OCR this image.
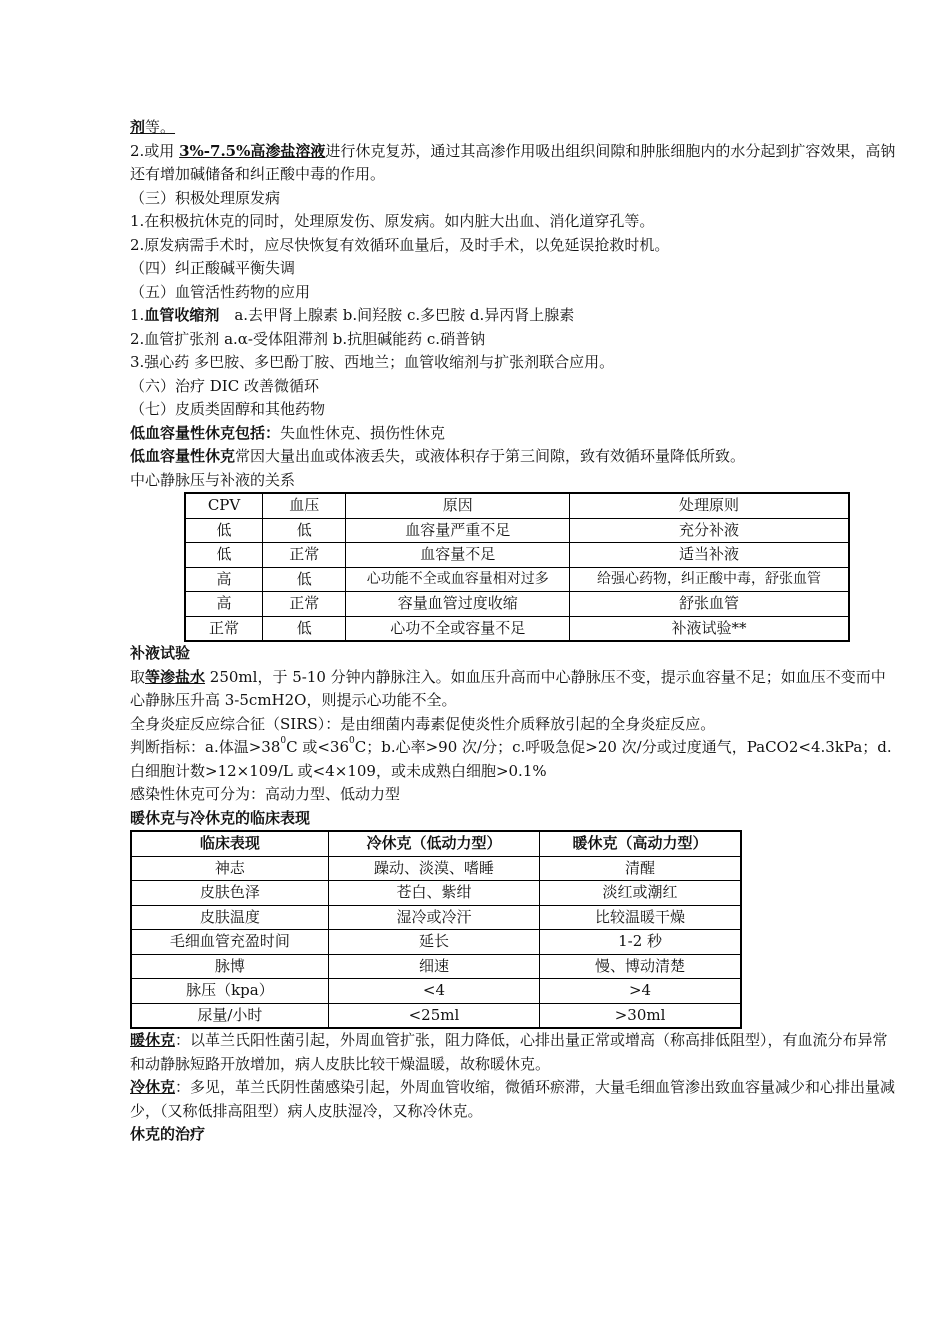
剂等。
2.或用 3%-7.5%高渗盐溶液进行休克复苏，通过其高渗作用吸出组织间隙和肿胀细胞内的水分起到扩容效果，高钠还有增加碱储备和纠正酸中毒的作用。
（三）积极处理原发病
1.在积极抗休克的同时，处理原发伤、原发病。如内脏大出血、消化道穿孔等。
2.原发病需手术时，应尽快恢复有效循环血量后，及时手术，以免延误抢救时机。
（四）纠正酸碱平衡失调
（五）血管活性药物的应用
1.血管收缩剂　a.去甲肾上腺素 b.间羟胺 c.多巴胺 d.异丙肾上腺素
2.血管扩张剂 a.α-受体阻滞剂 b.抗胆碱能药 c.硝普钠
3.强心药 多巴胺、多巴酚丁胺、西地兰；血管收缩剂与扩张剂联合应用。
（六）治疗 DIC 改善微循环
（七）皮质类固醇和其他药物
低血容量性休克包括：失血性休克、损伤性休克
低血容量性休克常因大量出血或体液丢失，或液体积存于第三间隙，致有效循环量降低所致。
中心静脉压与补液的关系
CPV	血压	原因	处理原则
低	低	血容量严重不足	充分补液
低	正常	血容量不足	适当补液
高	低	心功能不全或血容量相对过多	给强心药物，纠正酸中毒，舒张血管
高	正常	容量血管过度收缩	舒张血管
正常	低	心功不全或容量不足	补液试验**
补液试验
取等渗盐水 250ml，于 5-10 分钟内静脉注入。如血压升高而中心静脉压不变，提示血容量不足；如血压不变而中心静脉压升高 3-5cmH2O，则提示心功能不全。
全身炎症反应综合征（SIRS）：是由细菌内毒素促使炎性介质释放引起的全身炎症反应。
判断指标：a.体温$>38^0C$ 或$<36^0C$；b.心率>90 次/分；c.呼吸急促>20 次/分或过度通气，PaCO2<4.3kPa；d.白细胞计数>12×109/L 或<4×109，或未成熟白细胞>0.1%
感染性休克可分为：高动力型、低动力型
暖休克与冷休克的临床表现
临床表现	冷休克（低动力型）	暖休克（高动力型）
神志	躁动、淡漠、嗜睡	清醒
皮肤色泽	苍白、紫绀	淡红或潮红
皮肤温度	湿冷或冷汗	比较温暖干燥
毛细血管充盈时间	延长	1-2 秒
脉博	细速	慢、博动清楚
脉压（kpa）	<4	>4
尿量/小时	<25ml	>30ml
暖休克：以革兰氏阳性菌引起，外周血管扩张，阻力降低，心排出量正常或增高（称高排低阻型），有血流分布异常和动静脉短路开放增加，病人皮肤比较干燥温暖，故称暖休克。
冷休克：多见，革兰氏阴性菌感染引起，外周血管收缩，微循环瘀滞，大量毛细血管渗出致血容量减少和心排出量减少，（又称低排高阻型）病人皮肤湿冷，又称冷休克。
休克的治疗
